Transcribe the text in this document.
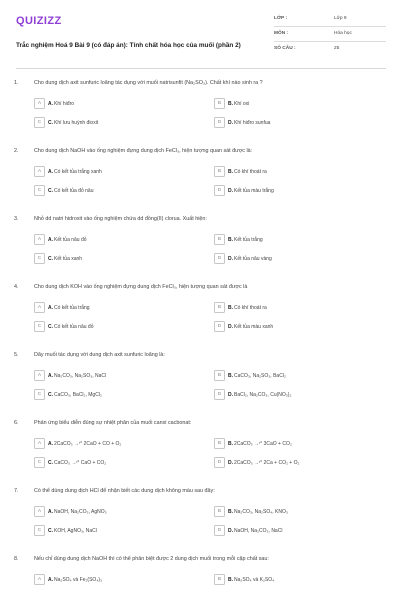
QUIZIZZ
Trắc nghiệm Hoá 9 Bài 9 (có đáp án): Tính chất hóa học của muối (phần 2)
LỚP :	Lớp 9
MÔN :	Hóa học
SỐ CÂU :	25
1.	Cho dung dịch axit sunfuric loãng tác dụng với muối natrisunfit (Na₂SO₃). Chất khí nào sinh ra ?
A	A.Khí hiđro	B	B.Khí oxi
C	C.Khí lưu huỳnh đioxit	D	D.Khí hiđro sunfua
2.	Cho dung dịch NaOH vào ống nghiệm đựng dung dịch FeCl₃, hiện tượng quan sát được là:
A	A.Có kết tủa trắng xanh	B	B.Có khí thoát ra
C	C.Có kết tủa đỏ nâu	D	D.Kết tủa màu trắng
3.	Nhỏ dd natri hidroxit vào ống nghiệm chứa dd đồng(II) clorua. Xuất hiện:
A	A.Kết tủa nâu đỏ	B	B.Kết tủa trắng
C	C.Kết tủa xanh	D	D.Kết tủa nâu vàng
4.	Cho dung dịch KOH vào ống nghiệm đựng dung dịch FeCl₃, hiện tượng quan sát được là
A	A.Có kết tủa trắng	B	B.Có khí thoát ra
C	C.Có kết tủa nâu đỏ	D	D.Kết tủa màu xanh
5.	Dãy muối tác dụng với dung dịch axit sunfuric loãng là:
A	A.Na₂CO₃, Na₂SO₃, NaCl	B	B.CaCO₃, Na₂SO₃, BaCl₂
C	C.CaCO₃, BaCl₂, MgCl₂	D	D.BaCl₂, Na₂CO₃, Cu(NO₃)₂
6.	Phản ứng biểu diễn đúng sự nhiệt phân của muối canxi cacbonat:
A	A.2CaCO₃ →ᵗ° 2CaO + CO + O₂	B	B.2CaCO₃ →ᵗ° 3CaO + CO₂
C	C.CaCO₃ →ᵗ° CaO + CO₂	D	D.2CaCO₃ →ᵗ° 2Ca + CO₂ + O₂
7.	Có thể dùng dung dịch HCl để nhận biết các dung dịch không màu sau đây:
A	A.NaOH, Na₂CO₃, AgNO₃	B	B.Na₂CO₃, Na₂SO₄, KNO₃
C	C.KOH, AgNO₃, NaCl	D	D.NaOH, Na₂CO₃, NaCl
8.	Nếu chỉ dùng dung dịch NaOH thì có thể phân biệt được 2 dung dịch muối trong mỗi cặp chất sau:
A	A.Na₂SO₄ và Fe₂(SO₄)₃	B	B.Na₂SO₄ và K₂SO₄
